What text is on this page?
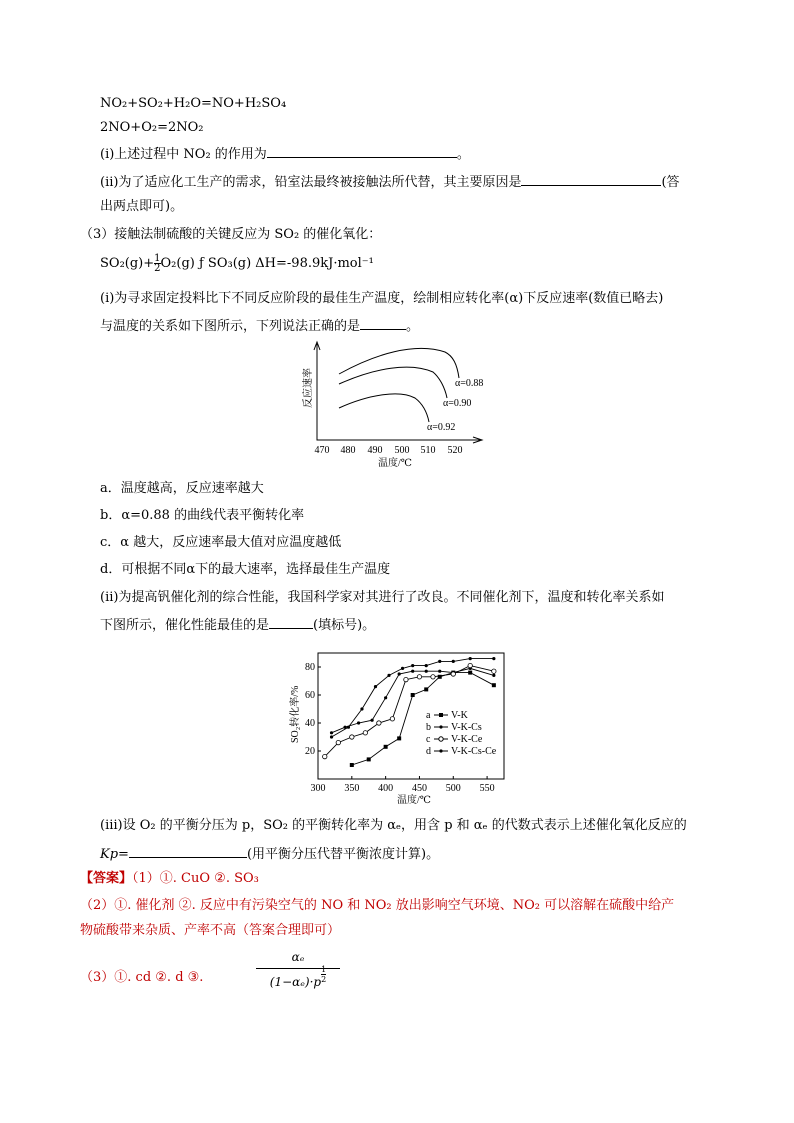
NO₂+SO₂+H₂O=NO+H₂SO₄
2NO+O₂=2NO₂
(ⅰ)上述过程中 NO₂ 的作用为	。
(ⅱ)为了适应化工生产的需求，铅室法最终被接触法所代替，其主要原因是	(答
出两点即可)。
（3）接触法制硫酸的关键反应为 SO₂ 的催化氧化：
$SO_2(g)+ \frac{1}{2} O_2(g)$ ƒ SO₃(g) ΔH=-98.9kJ·mol⁻¹
(ⅰ)为寻求固定投料比下不同反应阶段的最佳生产温度，绘制相应转化率(α)下反应速率(数值已略去)
与温度的关系如下图所示，下列说法正确的是	。
反应速率	α=0.88
α=0.90
α=0.92
470 480 490 500 510 520
温度/℃
a．温度越高，反应速率越大
b．α=0.88 的曲线代表平衡转化率
c．α 越大，反应速率最大值对应温度越低
d．可根据不同α下的最大速率，选择最佳生产温度
(ⅱ)为提高钒催化剂的综合性能，我国科学家对其进行了改良。不同催化剂下，温度和转化率关系如
下图所示，催化性能最佳的是	(填标号)。
SO₂转化率/%
温度/℃
300 350 400 450 500 550
20
40
60
80
a V-K
b V-K-Cs
c V-K-Ce
d V-K-Cs-Ce
(ⅲ)设 O₂ 的平衡分压为 p，SO₂ 的平衡转化率为 αₑ，用含 p 和 αₑ 的代数式表示上述催化氧化反应的
Kp=	(用平衡分压代替平衡浓度计算)。
【答案】（1）①. CuO ②. SO₃
（2）①. 催化剂 ②. 反应中有污染空气的 NO 和 NO₂ 放出影响空气环境、NO₂ 可以溶解在硫酸中给产
物硫酸带来杂质、产率不高（答案合理即可）
（3）①. cd ②. d ③.	$\frac{\text{αₑ}}{(1-\alpha_e)\cdot p \frac{1}{2}}$
